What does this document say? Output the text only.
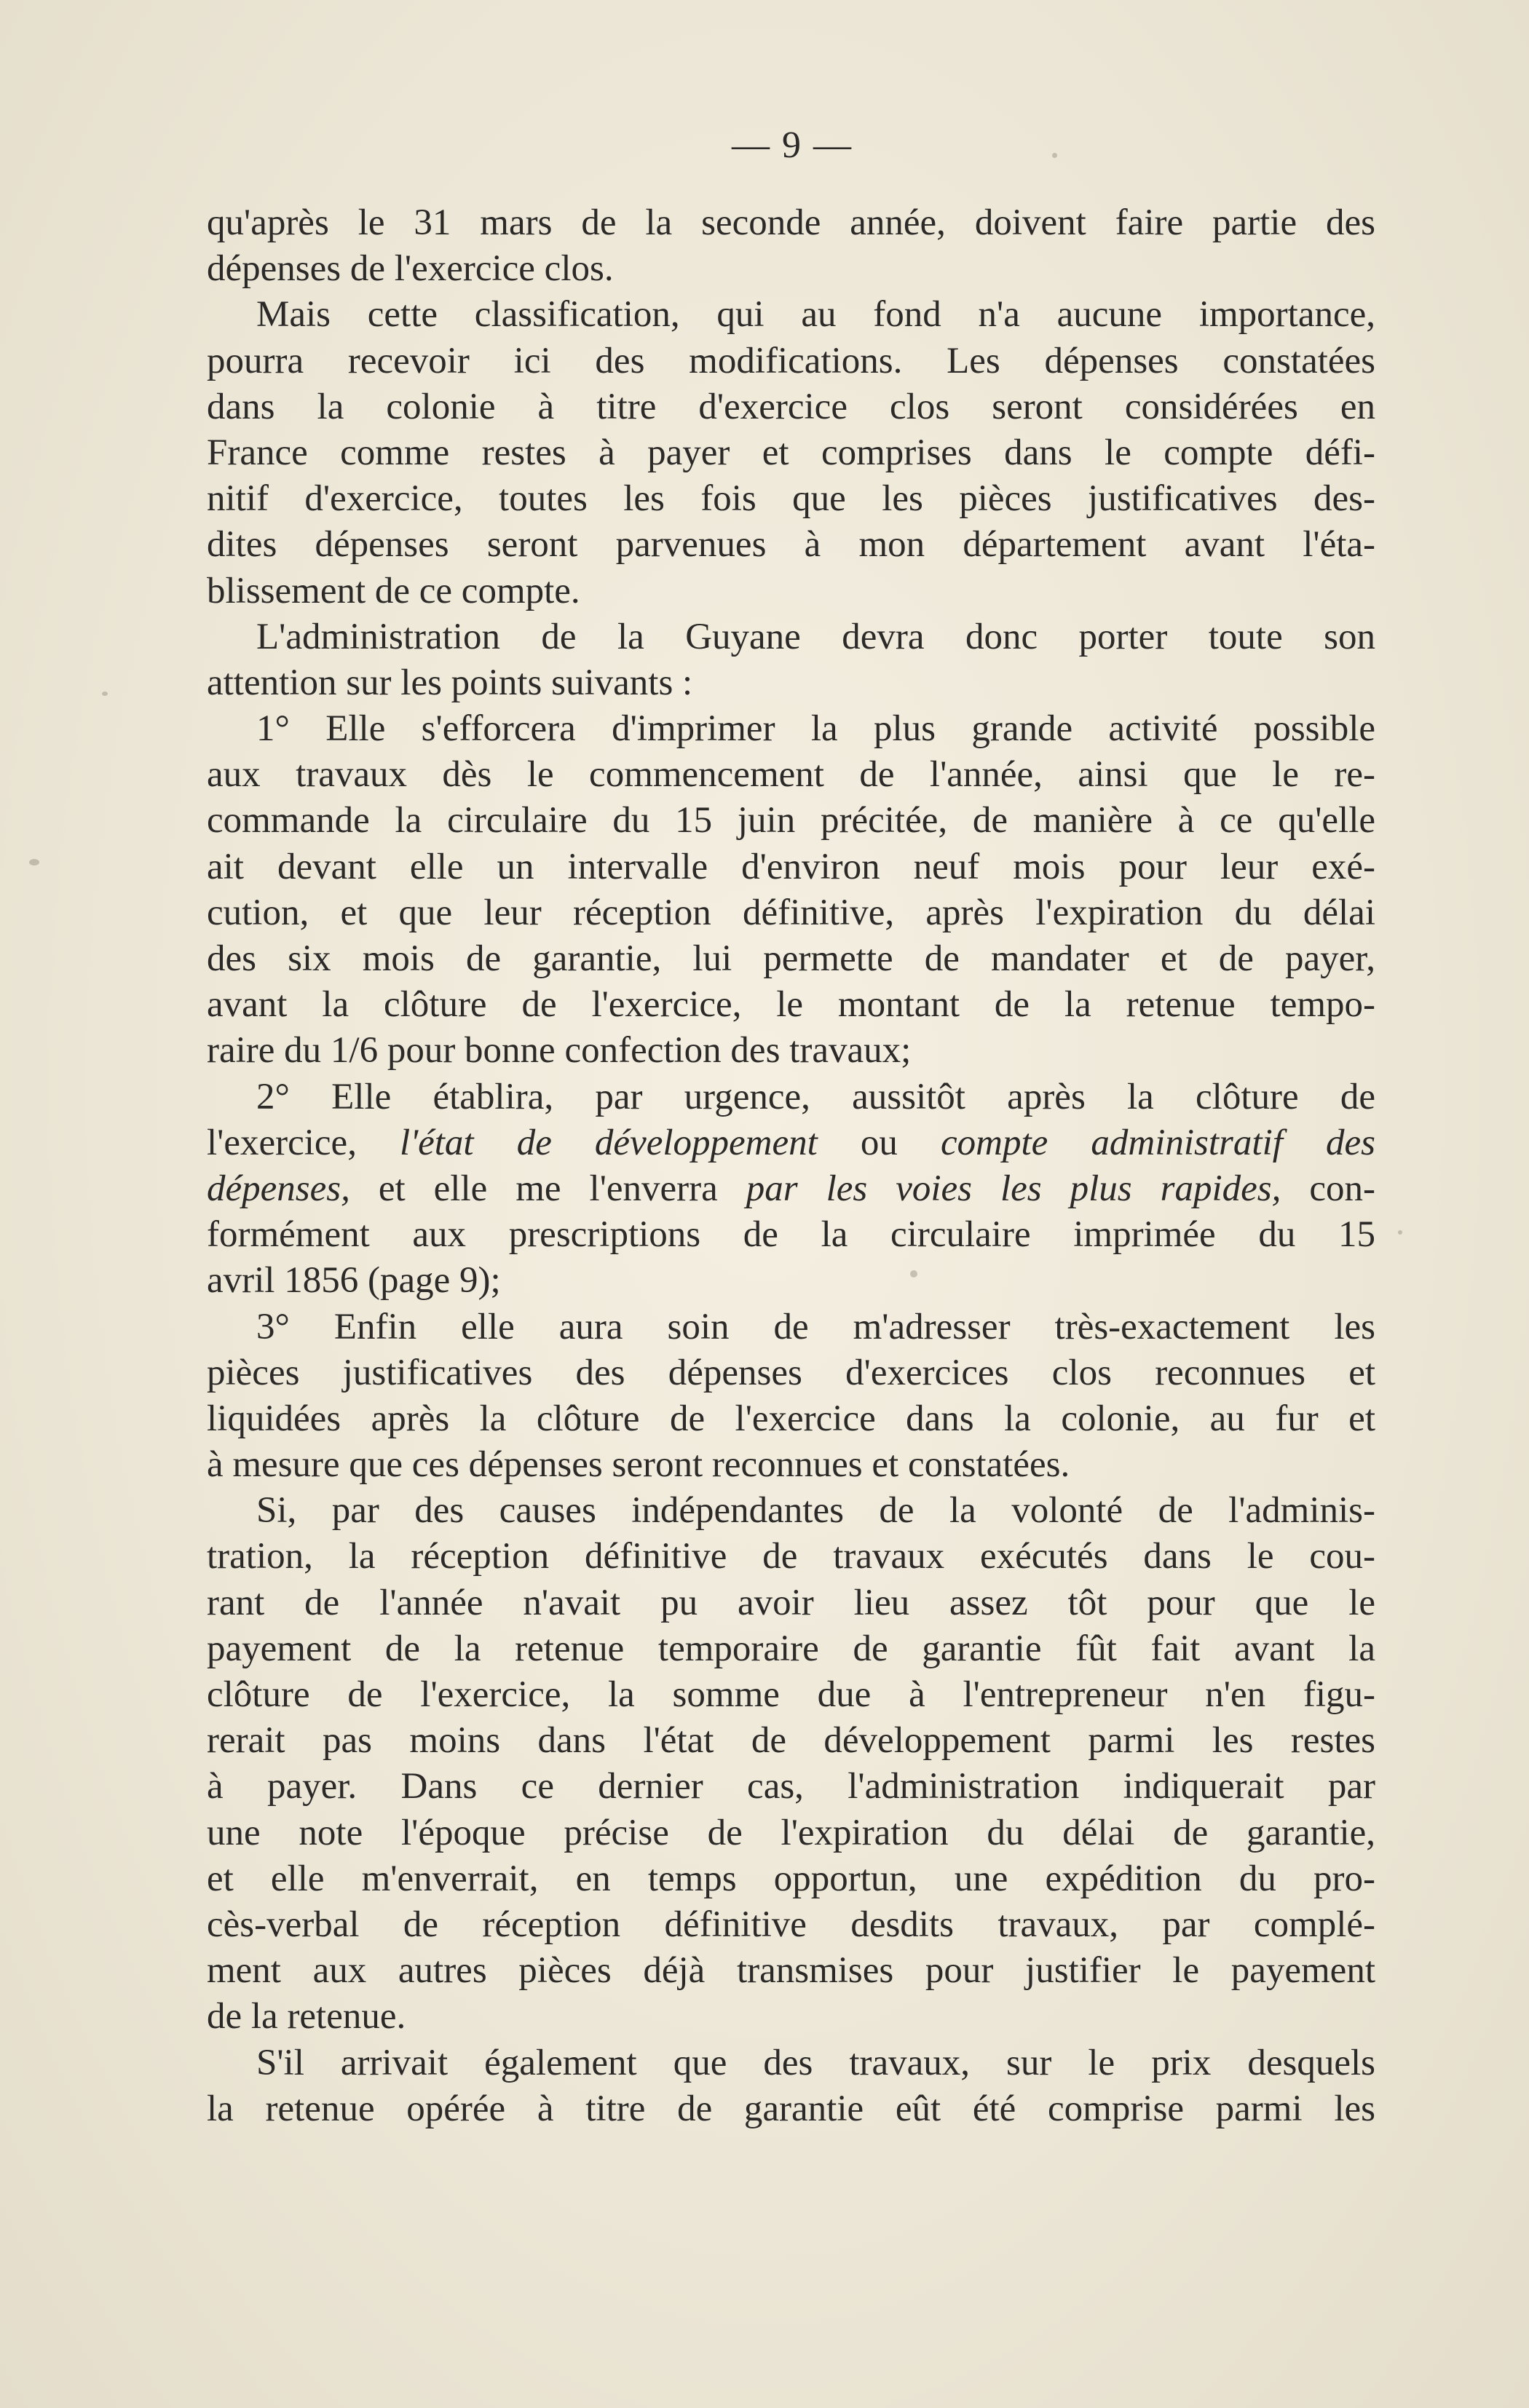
— 9 —
qu'après le 31 mars de la seconde année, doivent faire partie des
dépenses de l'exercice clos.
Mais cette classification, qui au fond n'a aucune importance,
pourra recevoir ici des modifications. Les dépenses constatées
dans la colonie à titre d'exercice clos seront considérées en
France comme restes à payer et comprises dans le compte défi-
nitif d'exercice, toutes les fois que les pièces justificatives des-
dites dépenses seront parvenues à mon département avant l'éta-
blissement de ce compte.
L'administration de la Guyane devra donc porter toute son
attention sur les points suivants :
1° Elle s'efforcera d'imprimer la plus grande activité possible
aux travaux dès le commencement de l'année, ainsi que le re-
commande la circulaire du 15 juin précitée, de manière à ce qu'elle
ait devant elle un intervalle d'environ neuf mois pour leur exé-
cution, et que leur réception définitive, après l'expiration du délai
des six mois de garantie, lui permette de mandater et de payer,
avant la clôture de l'exercice, le montant de la retenue tempo-
raire du 1/6 pour bonne confection des travaux;
2° Elle établira, par urgence, aussitôt après la clôture de
l'exercice, l'état de développement ou compte administratif des
dépenses, et elle me l'enverra par les voies les plus rapides, con-
formément aux prescriptions de la circulaire imprimée du 15
avril 1856 (page 9);
3° Enfin elle aura soin de m'adresser très-exactement les
pièces justificatives des dépenses d'exercices clos reconnues et
liquidées après la clôture de l'exercice dans la colonie, au fur et
à mesure que ces dépenses seront reconnues et constatées.
Si, par des causes indépendantes de la volonté de l'adminis-
tration, la réception définitive de travaux exécutés dans le cou-
rant de l'année n'avait pu avoir lieu assez tôt pour que le
payement de la retenue temporaire de garantie fût fait avant la
clôture de l'exercice, la somme due à l'entrepreneur n'en figu-
rerait pas moins dans l'état de développement parmi les restes
à payer. Dans ce dernier cas, l'administration indiquerait par
une note l'époque précise de l'expiration du délai de garantie,
et elle m'enverrait, en temps opportun, une expédition du pro-
cès-verbal de réception définitive desdits travaux, par complé-
ment aux autres pièces déjà transmises pour justifier le payement
de la retenue.
S'il arrivait également que des travaux, sur le prix desquels
la retenue opérée à titre de garantie eût été comprise parmi les
